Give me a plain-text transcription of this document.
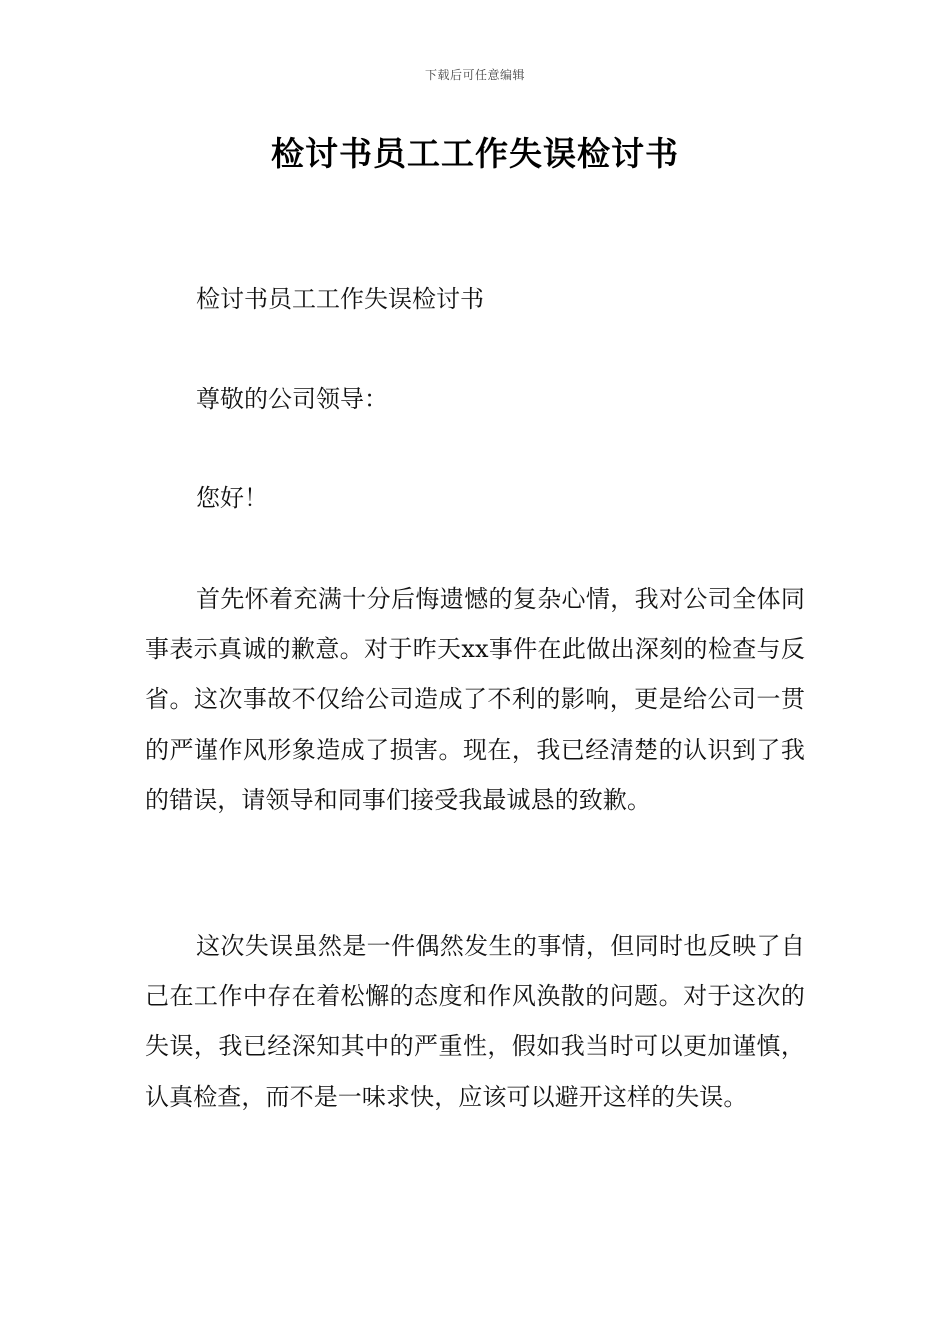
下载后可任意编辑
检讨书员工工作失误检讨书

检讨书员工工作失误检讨书

尊敬的公司领导：

您好！

首先怀着充满十分后悔遗憾的复杂心情，我对公司全体同事表示真诚的歉意。对于昨天xx事件在此做出深刻的检查与反省。这次事故不仅给公司造成了不利的影响，更是给公司一贯的严谨作风形象造成了损害。现在，我已经清楚的认识到了我的错误，请领导和同事们接受我最诚恳的致歉。

这次失误虽然是一件偶然发生的事情，但同时也反映了自己在工作中存在着松懈的态度和作风涣散的问题。对于这次的失误，我已经深知其中的严重性，假如我当时可以更加谨慎，认真检查，而不是一味求快，应该可以避开这样的失误。
